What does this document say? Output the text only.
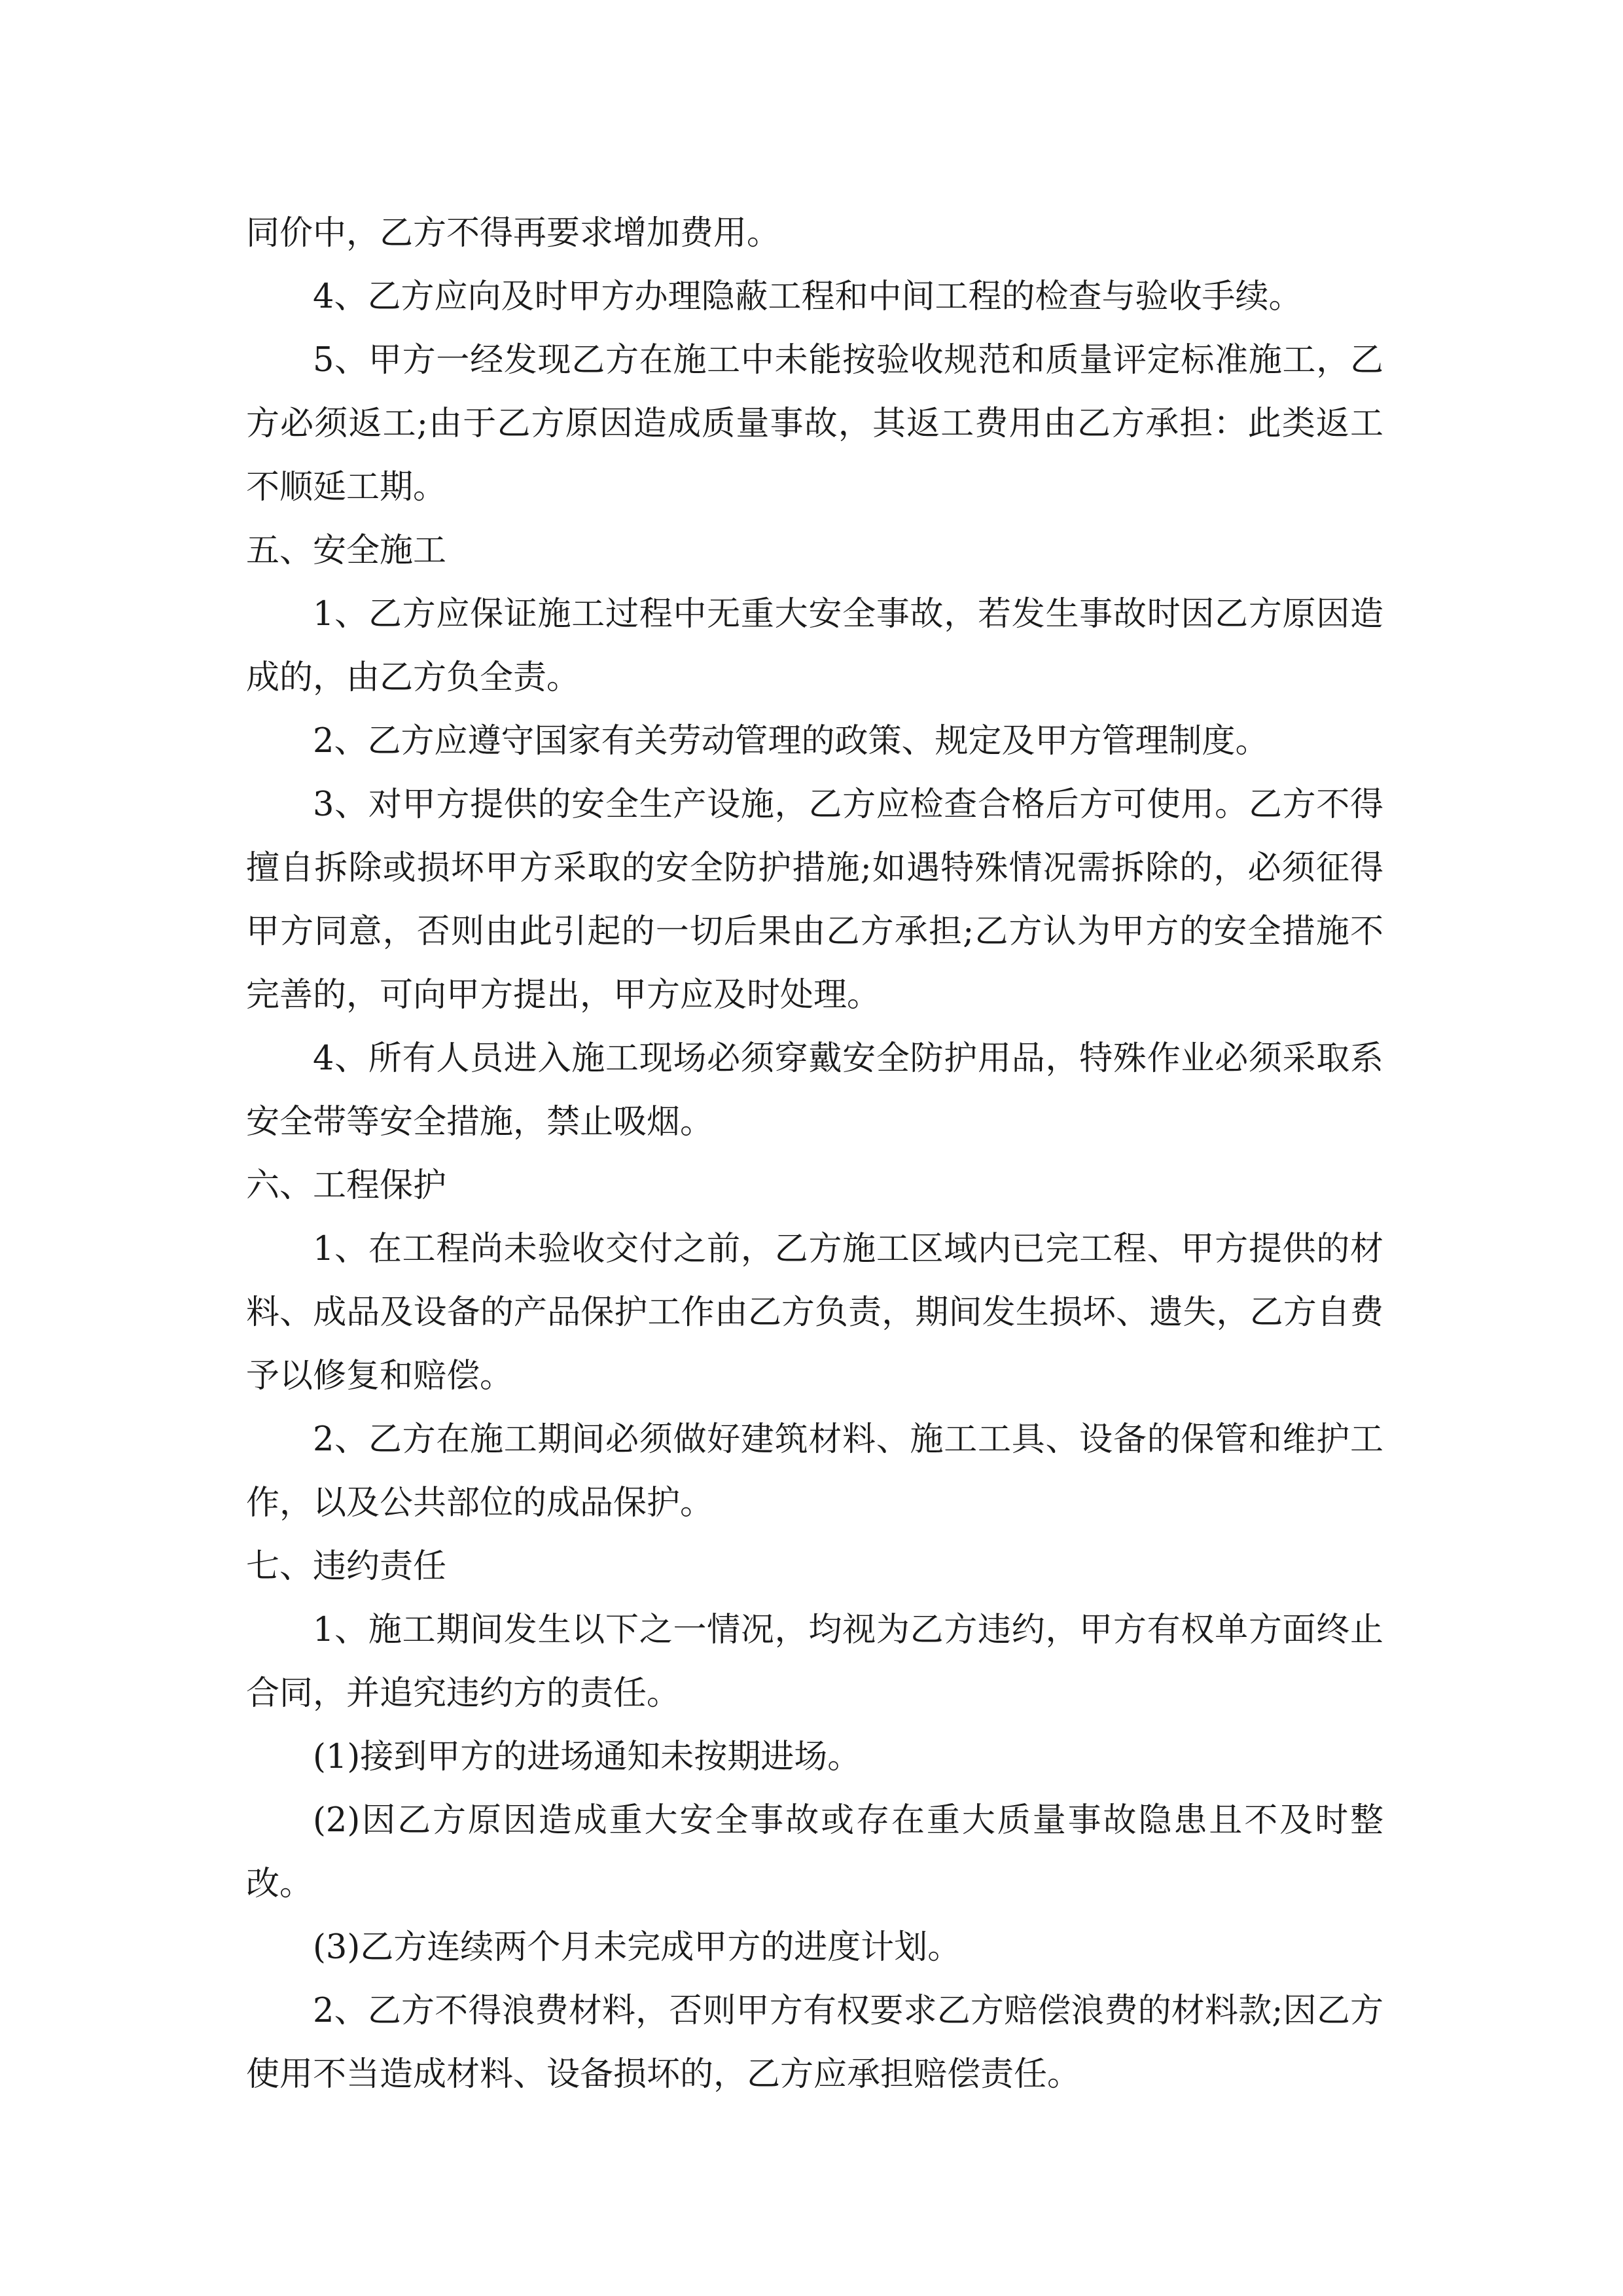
同价中，乙方不得再要求增加费用。

4、乙方应向及时甲方办理隐蔽工程和中间工程的检查与验收手续。

5、甲方一经发现乙方在施工中未能按验收规范和质量评定标准施工，乙方必须返工;由于乙方原因造成质量事故，其返工费用由乙方承担：此类返工不顺延工期。

五、安全施工

1、乙方应保证施工过程中无重大安全事故，若发生事故时因乙方原因造成的，由乙方负全责。

2、乙方应遵守国家有关劳动管理的政策、规定及甲方管理制度。

3、对甲方提供的安全生产设施，乙方应检查合格后方可使用。乙方不得擅自拆除或损坏甲方采取的安全防护措施;如遇特殊情况需拆除的，必须征得甲方同意，否则由此引起的一切后果由乙方承担;乙方认为甲方的安全措施不完善的，可向甲方提出，甲方应及时处理。

4、所有人员进入施工现场必须穿戴安全防护用品，特殊作业必须采取系安全带等安全措施，禁止吸烟。

六、工程保护

1、在工程尚未验收交付之前，乙方施工区域内已完工程、甲方提供的材料、成品及设备的产品保护工作由乙方负责，期间发生损坏、遗失，乙方自费予以修复和赔偿。

2、乙方在施工期间必须做好建筑材料、施工工具、设备的保管和维护工作，以及公共部位的成品保护。

七、违约责任

1、施工期间发生以下之一情况，均视为乙方违约，甲方有权单方面终止合同，并追究违约方的责任。

(1)接到甲方的进场通知未按期进场。

(2)因乙方原因造成重大安全事故或存在重大质量事故隐患且不及时整改。

(3)乙方连续两个月未完成甲方的进度计划。

2、乙方不得浪费材料，否则甲方有权要求乙方赔偿浪费的材料款;因乙方使用不当造成材料、设备损坏的，乙方应承担赔偿责任。
